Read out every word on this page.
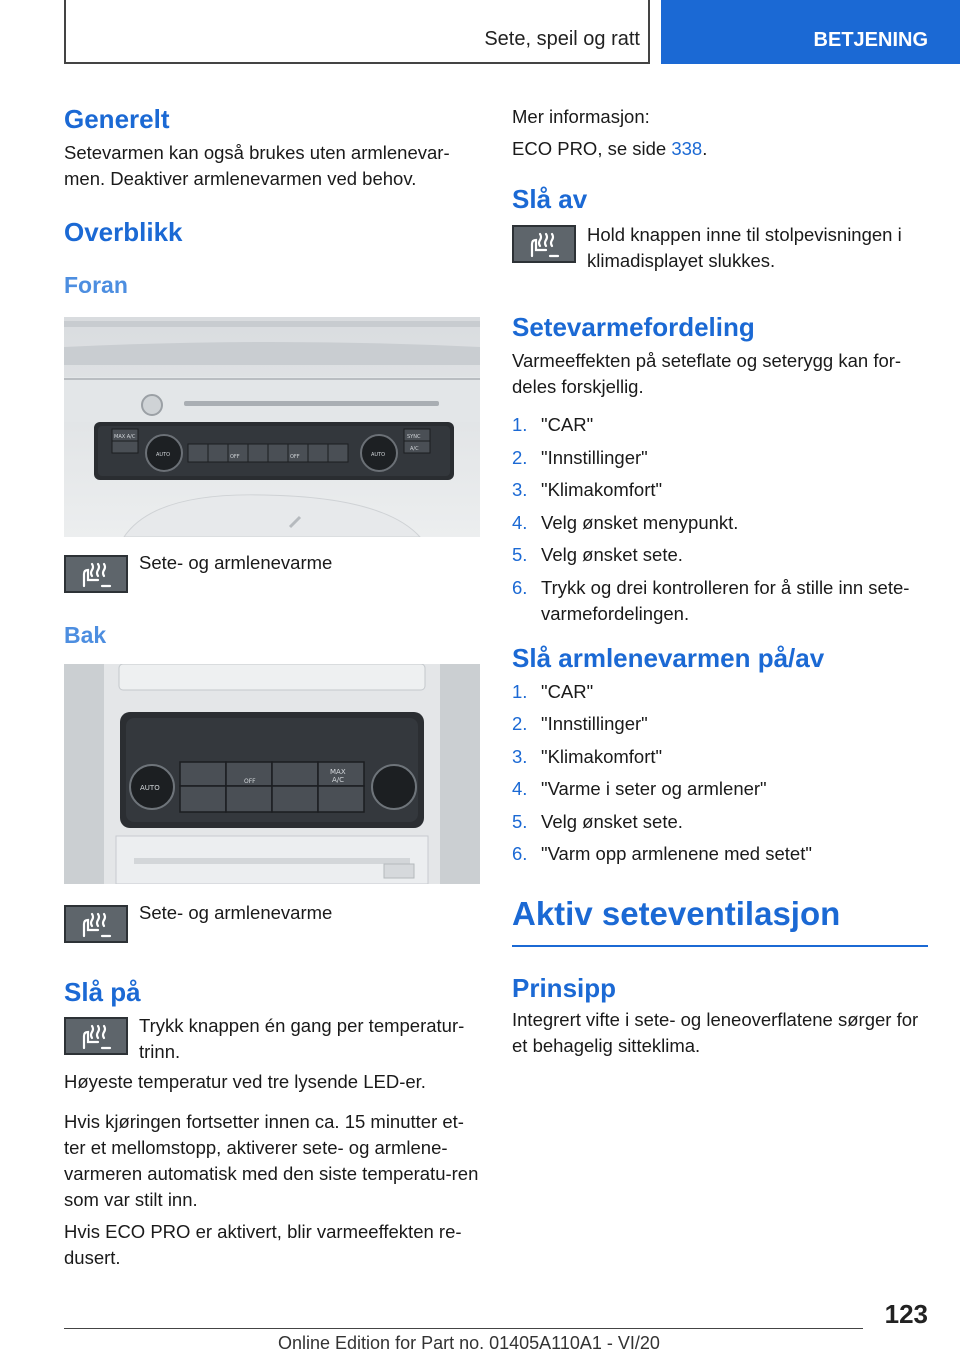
Sete, speil og ratt	BETJENING
Generelt

Setevarmen kan også brukes uten armlenevar-men. Deaktiver armlenevarmen ved behov.

Overblikk
Foran
MAX A/C
AUTO	OFF	OFF	AUTO
SYNC
A/C

Sete- og armlenevarme

Bak
AUTO
OFF
MAX
A/C

Sete- og armlenevarme

Slå på

Trykk knappen én gang per temperatur-trinn.

Høyeste temperatur ved tre lysende LED-er.

Hvis kjøringen fortsetter innen ca. 15 minutter et-ter et mellomstopp, aktiverer sete- og armlene-varmeren automatisk med den siste temperatu-ren som var stilt inn.

Hvis ECO PRO er aktivert, blir varmeeffekten re-dusert.

Mer informasjon:

ECO PRO, se side 338.

Slå av

Hold knappen inne til stolpevisningen i klimadisplayet slukkes.

Setevarmefordeling

Varmeeffekten på seteflate og seterygg kan for-deles forskjellig.

1. "CAR"
2. "Innstillinger"
3. "Klimakomfort"
4. Velg ønsket menypunkt.
5. Velg ønsket sete.
6. Trykk og drei kontrolleren for å stille inn sete-varmefordelingen.
Slå armlenevarmen på/av
1. "CAR"
2. "Innstillinger"
3. "Klimakomfort"
4. "Varme i seter og armlener"
5. Velg ønsket sete.
6. "Varm opp armlenene med setet"
Aktiv seteventilasjon
Prinsipp

Integrert vifte i sete- og leneoverflatene sørger for et behagelig sitteklima.

123
Online Edition for Part no. 01405A110A1 - VI/20
